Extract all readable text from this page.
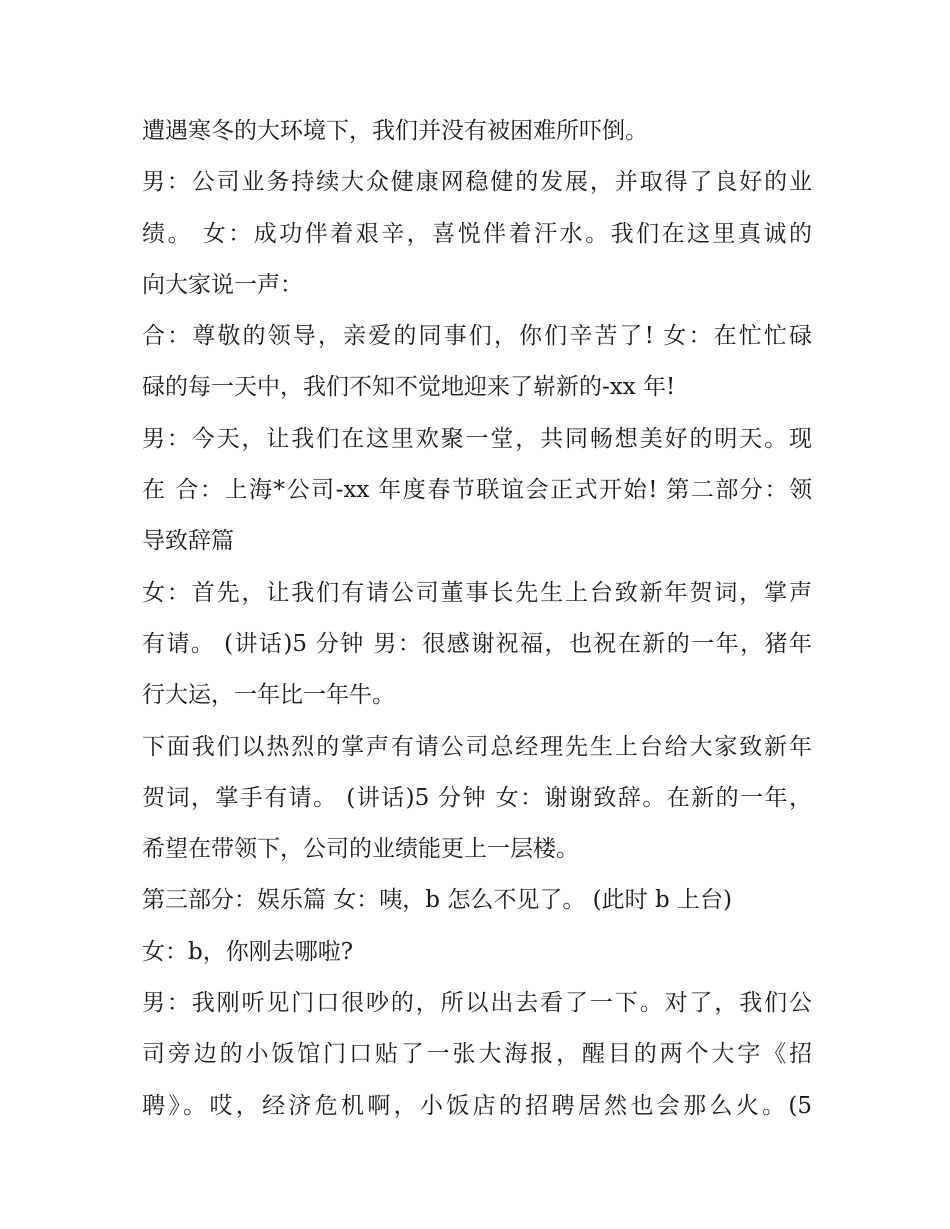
遭遇寒冬的大环境下，我们并没有被困难所吓倒。
男：公司业务持续大众健康网稳健的发展，并取得了良好的业
绩。 女：成功伴着艰辛，喜悦伴着汗水。我们在这里真诚的
向大家说一声：
合：尊敬的领导，亲爱的同事们，你们辛苦了! 女：在忙忙碌
碌的每一天中，我们不知不觉地迎来了崭新的-xx 年!
男：今天，让我们在这里欢聚一堂，共同畅想美好的明天。现
在 合：上海*公司-xx 年度春节联谊会正式开始! 第二部分：领
导致辞篇
女：首先，让我们有请公司董事长先生上台致新年贺词，掌声
有请。 (讲话)5 分钟 男：很感谢祝福，也祝在新的一年，猪年
行大运，一年比一年牛。
下面我们以热烈的掌声有请公司总经理先生上台给大家致新年
贺词，掌手有请。 (讲话)5 分钟 女：谢谢致辞。在新的一年，
希望在带领下，公司的业绩能更上一层楼。
第三部分：娱乐篇 女：咦，b 怎么不见了。 (此时 b 上台)
女：b，你刚去哪啦?
男：我刚听见门口很吵的，所以出去看了一下。对了，我们公
司旁边的小饭馆门口贴了一张大海报，醒目的两个大字《招
聘》。哎，经济危机啊，小饭店的招聘居然也会那么火。(5
